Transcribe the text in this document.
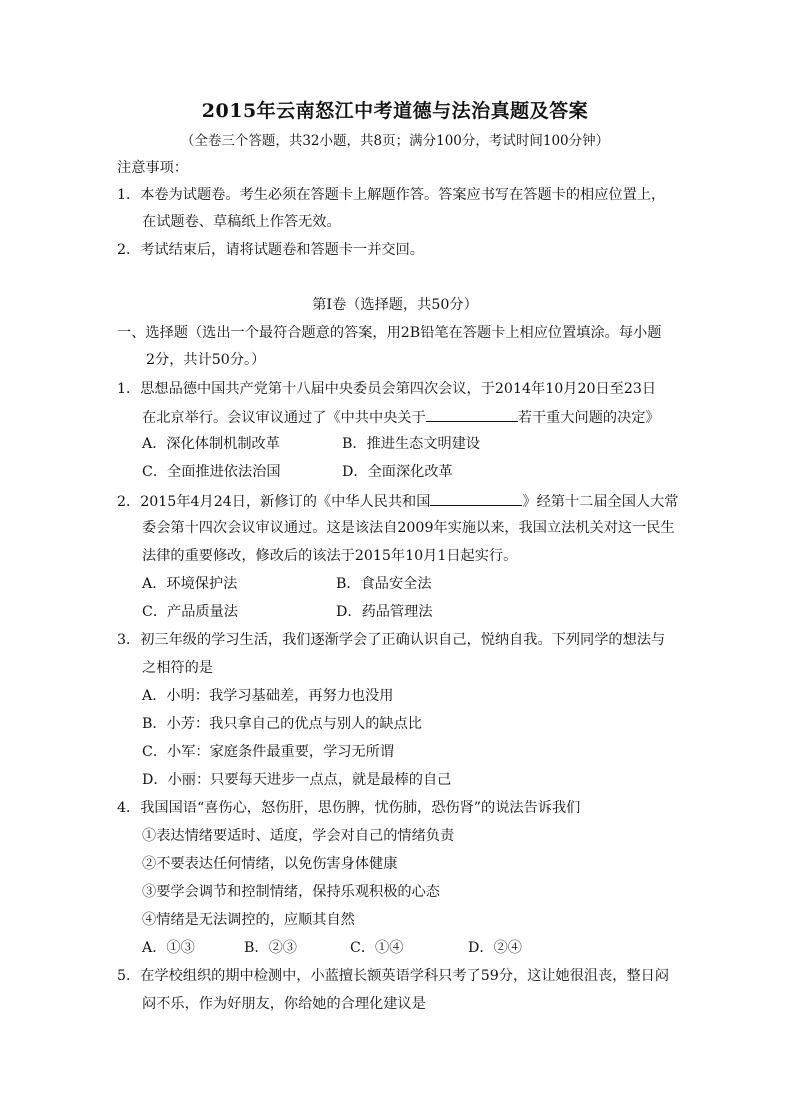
2015年云南怒江中考道德与法治真题及答案
（全卷三个答题，共32小题，共8页；满分100分，考试时间100分钟）
注意事项：
1．本卷为试题卷。考生必须在答题卡上解题作答。答案应书写在答题卡的相应位置上，
在试题卷、草稿纸上作答无效。
2．考试结束后，请将试题卷和答题卡一并交回。
第Ⅰ卷（选择题，共50分）
一、选择题（选出一个最符合题意的答案，用2B铅笔在答题卡上相应位置填涂。每小题
2分，共计50分。）
1．思想品德中国共产党第十八届中央委员会第四次会议，于2014年10月20日至23日
在北京举行。会议审议通过了《中共中央关于	若干重大问题的决定》
A．深化体制机制改革	B．推进生态文明建设
C．全面推进依法治国	D．全面深化改革
2．2015年4月24日，新修订的《中华人民共和国	》经第十二届全国人大常
委会第十四次会议审议通过。这是该法自2009年实施以来，我国立法机关对这一民生
法律的重要修改，修改后的该法于2015年10月1日起实行。
A．环境保护法	B．食品安全法
C．产品质量法	D．药品管理法
3．初三年级的学习生活，我们逐渐学会了正确认识自己，悦纳自我。下列同学的想法与
之相符的是
A．小明：我学习基础差，再努力也没用
B．小芳：我只拿自己的优点与别人的缺点比
C．小军：家庭条件最重要，学习无所谓
D．小丽：只要每天进步一点点，就是最棒的自己
4．我国国语“喜伤心，怒伤肝，思伤脾，忧伤肺，恐伤肾”的说法告诉我们
①表达情绪要适时、适度，学会对自己的情绪负责
②不要表达任何情绪，以免伤害身体健康
③要学会调节和控制情绪，保持乐观积极的心态
④情绪是无法调控的，应顺其自然
A．①③	B．②③	C．①④	D．②④
5．在学校组织的期中检测中，小蓝擅长额英语学科只考了59分，这让她很沮丧，整日闷
闷不乐，作为好朋友，你给她的合理化建议是
